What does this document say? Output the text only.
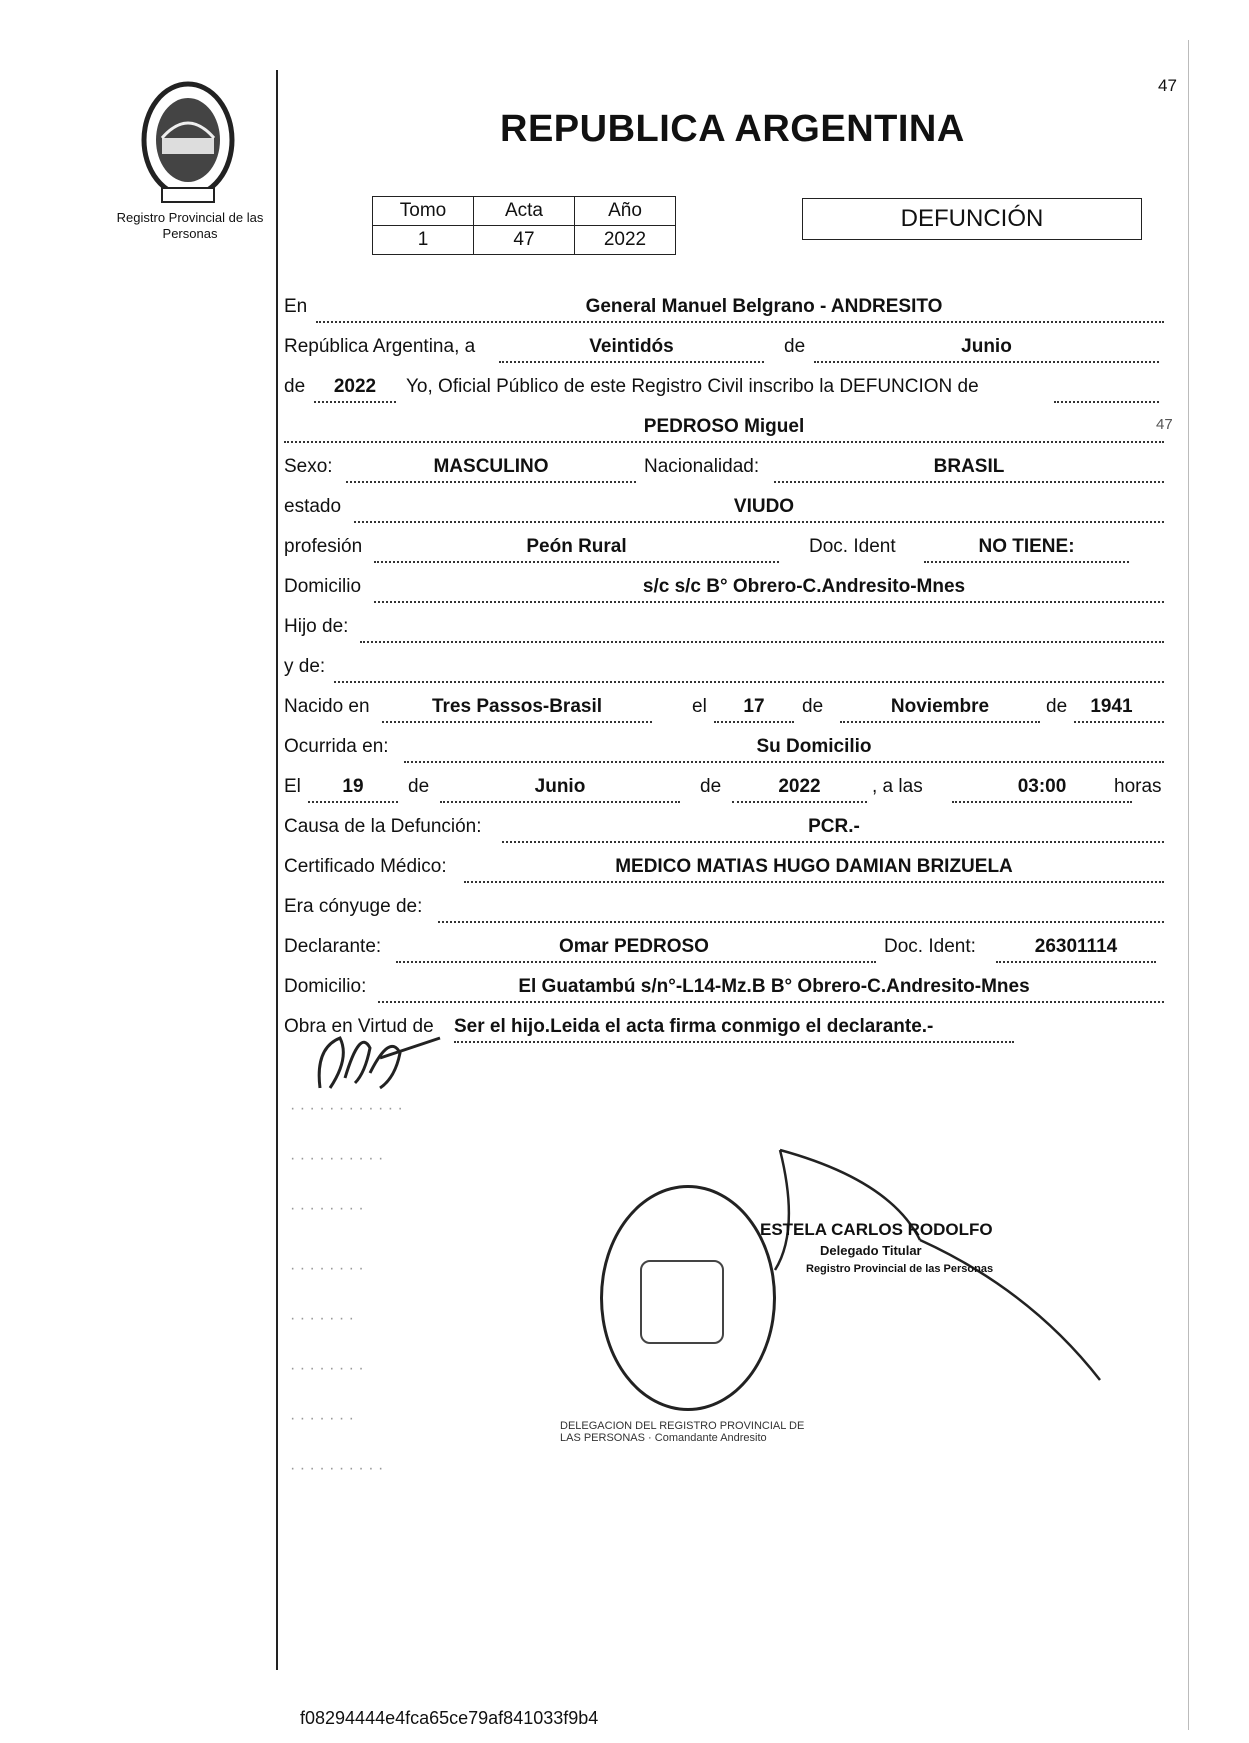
Registro Provincial de las Personas
47
REPUBLICA ARGENTINA
Tomo	Acta	Año
1	47	2022
DEFUNCIÓN
En	General Manuel Belgrano - ANDRESITO
República Argentina, a	Veintidós	de	Junio
de	2022	Yo, Oficial Público de este Registro Civil inscribo la DEFUNCION de
PEDROSO Miguel	47
Sexo:	MASCULINO	Nacionalidad:	BRASIL
estado	VIUDO
profesión	Peón Rural	Doc. Ident	NO TIENE:
Domicilio	s/c s/c B° Obrero-C.Andresito-Mnes
Hijo de:
y de:
Nacido en	Tres Passos-Brasil	el	17	de	Noviembre	de	1941
Ocurrida en:	Su Domicilio
El	19	de	Junio	de	2022	, a las	03:00	horas
Causa de la Defunción:	PCR.-
Certificado Médico:	MEDICO MATIAS HUGO DAMIAN BRIZUELA
Era cónyuge de:
Declarante:	Omar PEDROSO	Doc. Ident:	26301114
Domicilio:	El Guatambú s/n°-L14-Mz.B B° Obrero-C.Andresito-Mnes
Obra en Virtud de Ser el hijo.Leida el acta firma conmigo el declarante.-
· · · · · · · · · · · ·
· · · · · · · · · ·
· · · · · · · ·
· · · · · · · ·
· · · · · · ·
· · · · · · · ·
· · · · · · ·
· · · · · · · · · ·
ESTELA CARLOS RODOLFO
Delegado Titular
Registro Provincial de las Personas
DELEGACION DEL REGISTRO PROVINCIAL DE LAS PERSONAS · Comandante Andresito
f08294444e4fca65ce79af841033f9b4
